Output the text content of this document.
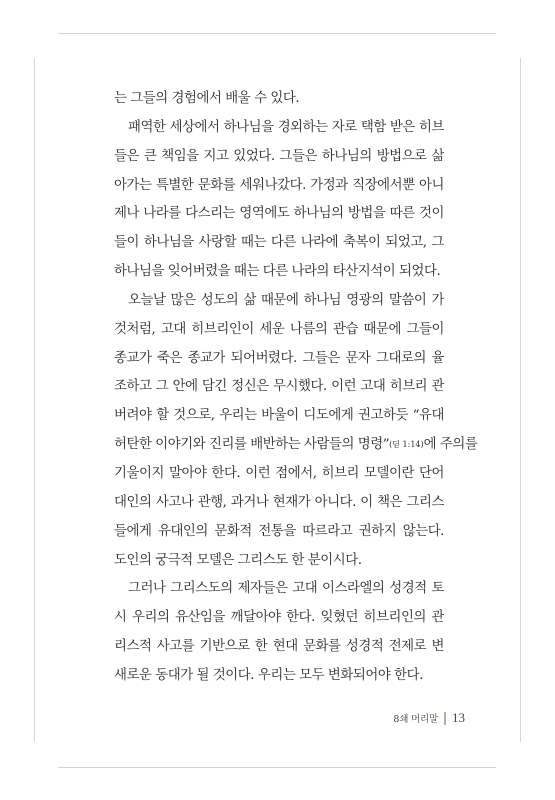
는 그들의 경험에서 배울 수 있다.
패역한 세상에서 하나님을 경외하는 자로 택함 받은 히브
들은 큰 책임을 지고 있었다. 그들은 하나님의 방법으로 삶
아가는 특별한 문화를 세워나갔다. 가정과 직장에서뿐 아니
제나 나라를 다스리는 영역에도 하나님의 방법을 따른 것이
들이 하나님을 사랑할 때는 다른 나라에 축복이 되었고, 그
하나님을 잊어버렸을 때는 다른 나라의 타산지석이 되었다.
오늘날 많은 성도의 삶 때문에 하나님 영광의 말씀이 가
것처럼, 고대 히브리인이 세운 나름의 관습 때문에 그들이
종교가 죽은 종교가 되어버렸다. 그들은 문자 그대로의 율
조하고 그 안에 담긴 정신은 무시했다. 이런 고대 히브리 관
버려야 할 것으로, 우리는 바울이 디도에게 권고하듯 “유대
허탄한 이야기와 진리를 배반하는 사람들의 명령”(딛 1:14)에 주의를
기울이지 말아야 한다. 이런 점에서, 히브리 모델이란 단어
대인의 사고나 관행, 과거나 현재가 아니다. 이 책은 그리스
들에게 유대인의 문화적 전통을 따르라고 권하지 않는다.
도인의 궁극적 모델은 그리스도 한 분이시다.
그러나 그리스도의 제자들은 고대 이스라엘의 성경적 토
시 우리의 유산임을 깨달아야 한다. 잊혔던 히브리인의 관
리스적 사고를 기반으로 한 현대 문화를 성경적 전제로 변
새로운 동대가 될 것이다. 우리는 모두 변화되어야 한다.
8쇄 머리말 13
